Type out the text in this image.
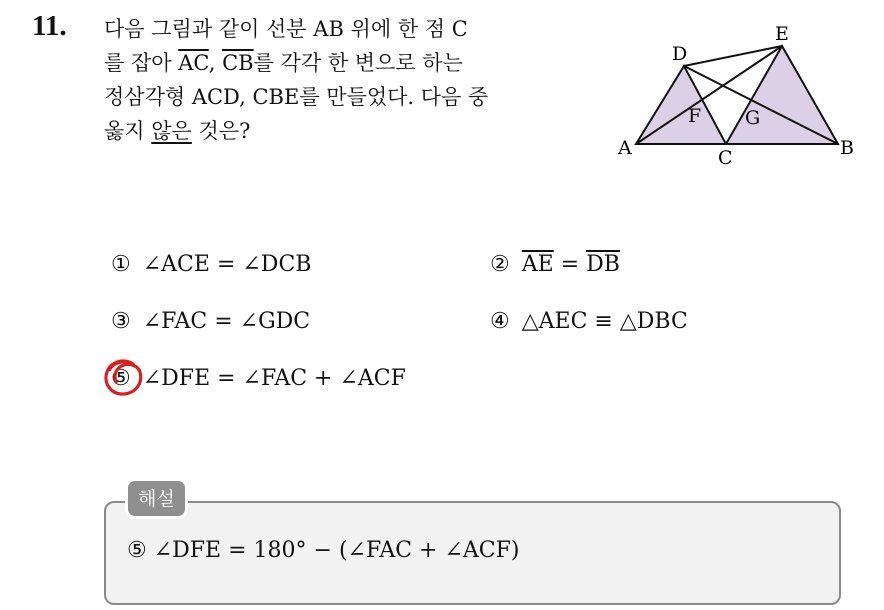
11. 다음 그림과 같이 선분 AB 위에 한 점 C
를 잡아 $\overline{AC}$, $\overline{CB}$를 각각 한 변으로 하는
정삼각형 ACD, CBE를 만들었다. 다음 중
옳지 않은 것은?
D
E
F G
A	C	B
① ∠ACE = ∠DCB	② $\overline{AE} = \overline{DB}$
③ ∠FAC = ∠GDC	④ △AEC ≡ △DBC
⑤ ∠DFE = ∠FAC + ∠ACF
해설
⑤ ∠DFE = 180° − (∠FAC + ∠ACF)
